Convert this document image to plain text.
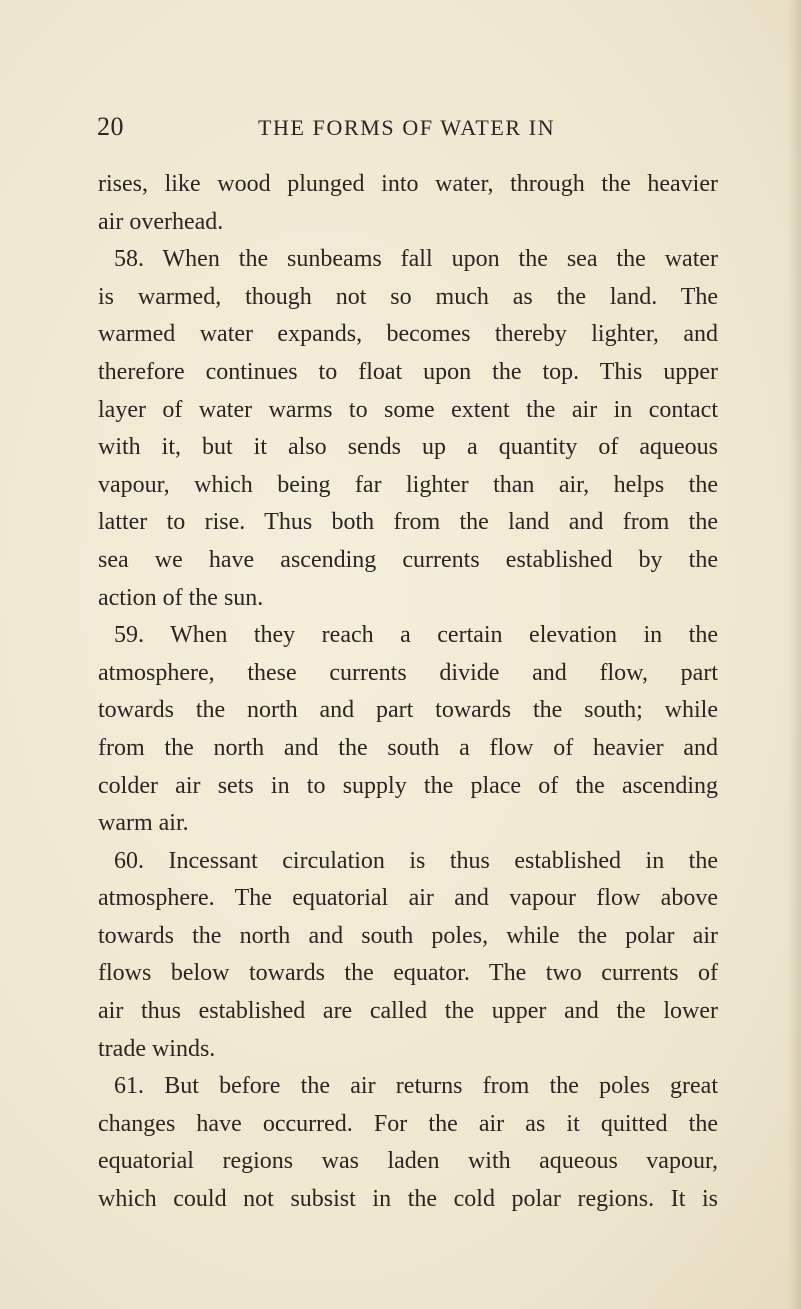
20	THE FORMS OF WATER IN
rises, like wood plunged into water, through the heavier
air overhead.
58. When the sunbeams fall upon the sea the water
is warmed, though not so much as the land. The
warmed water expands, becomes thereby lighter, and
therefore continues to float upon the top. This upper
layer of water warms to some extent the air in contact
with it, but it also sends up a quantity of aqueous
vapour, which being far lighter than air, helps the
latter to rise. Thus both from the land and from the
sea we have ascending currents established by the
action of the sun.
59. When they reach a certain elevation in the
atmosphere, these currents divide and flow, part
towards the north and part towards the south; while
from the north and the south a flow of heavier and
colder air sets in to supply the place of the ascending
warm air.
60. Incessant circulation is thus established in the
atmosphere. The equatorial air and vapour flow above
towards the north and south poles, while the polar air
flows below towards the equator. The two currents of
air thus established are called the upper and the lower
trade winds.
61. But before the air returns from the poles great
changes have occurred. For the air as it quitted the
equatorial regions was laden with aqueous vapour,
which could not subsist in the cold polar regions. It is
